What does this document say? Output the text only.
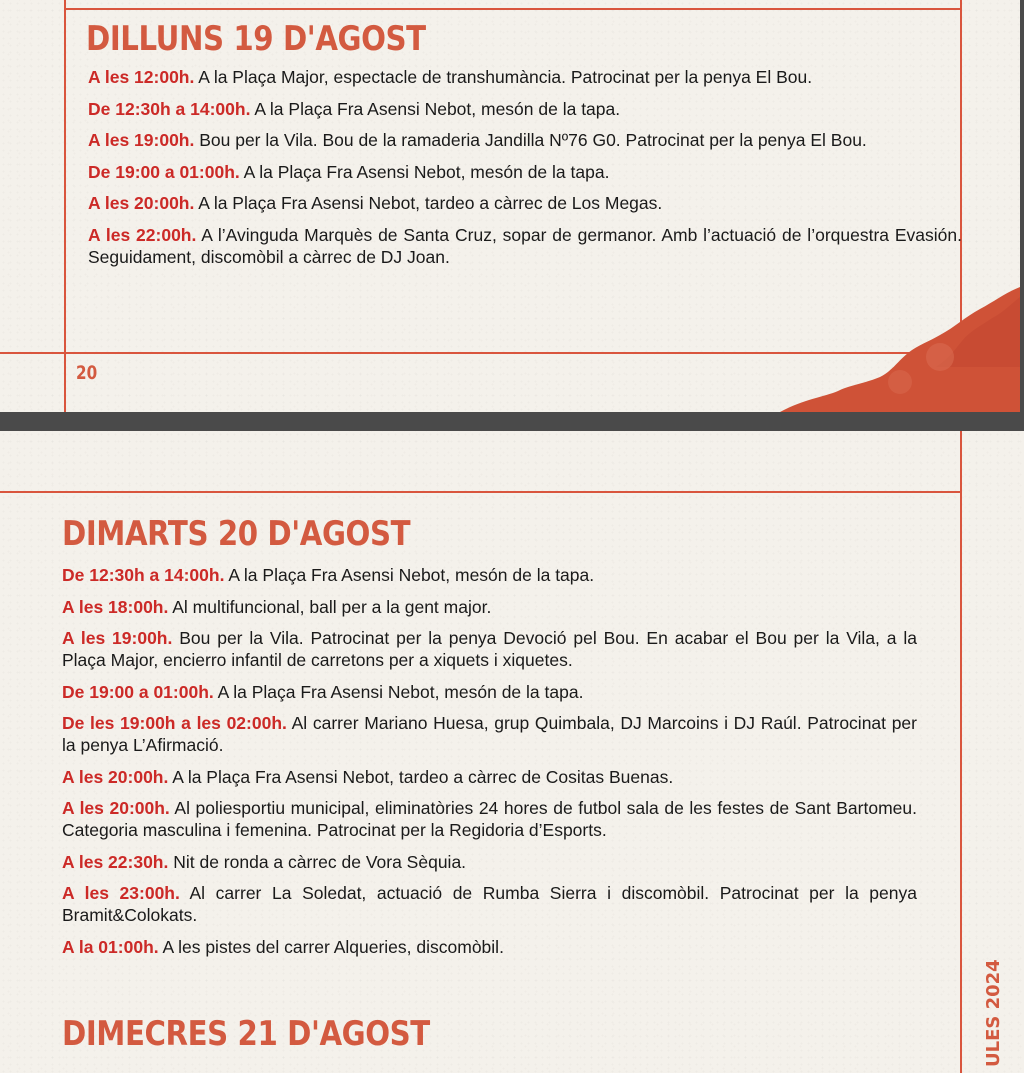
DILLUNS 19 D'AGOST
A les 12:00h. A la Plaça Major, espectacle de transhumància. Patrocinat per la penya El Bou.
De 12:30h a 14:00h. A la Plaça Fra Asensi Nebot, mesón de la tapa.
A les 19:00h. Bou per la Vila. Bou de la ramaderia Jandilla Nº76 G0. Patrocinat per la penya El Bou.
De 19:00 a 01:00h. A la Plaça Fra Asensi Nebot, mesón de la tapa.
A les 20:00h. A la Plaça Fra Asensi Nebot, tardeo a càrrec de Los Megas.
A les 22:00h. A l’Avinguda Marquès de Santa Cruz, sopar de germanor. Amb l’actuació de l’orquestra Evasión. Seguidament, discomòbil a càrrec de DJ Joan.
20
DIMARTS 20 D'AGOST
De 12:30h a 14:00h. A la Plaça Fra Asensi Nebot, mesón de la tapa.
A les 18:00h. Al multifuncional, ball per a la gent major.
A les 19:00h. Bou per la Vila. Patrocinat per la penya Devoció pel Bou. En acabar el Bou per la Vila, a la Plaça Major, encierro infantil de carretons per a xiquets i xiquetes.
De 19:00 a 01:00h. A la Plaça Fra Asensi Nebot, mesón de la tapa.
De les 19:00h a les 02:00h. Al carrer Mariano Huesa, grup Quimbala, DJ Marcoins i DJ Raúl. Patrocinat per la penya L’Afirmació.
A les 20:00h. A la Plaça Fra Asensi Nebot, tardeo a càrrec de Cositas Buenas.
A les 20:00h. Al poliesportiu municipal, eliminatòries 24 hores de futbol sala de les festes de Sant Bartomeu. Categoria masculina i femenina. Patrocinat per la Regidoria d’Esports.
A les 22:30h. Nit de ronda a càrrec de Vora Sèquia.
A les 23:00h. Al carrer La Soledat, actuació de Rumba Sierra i discomòbil. Patrocinat per la penya Bramit&Colokats.
A la 01:00h. A les pistes del carrer Alqueries, discomòbil.
DIMECRES 21 D'AGOST	ULES 2024
